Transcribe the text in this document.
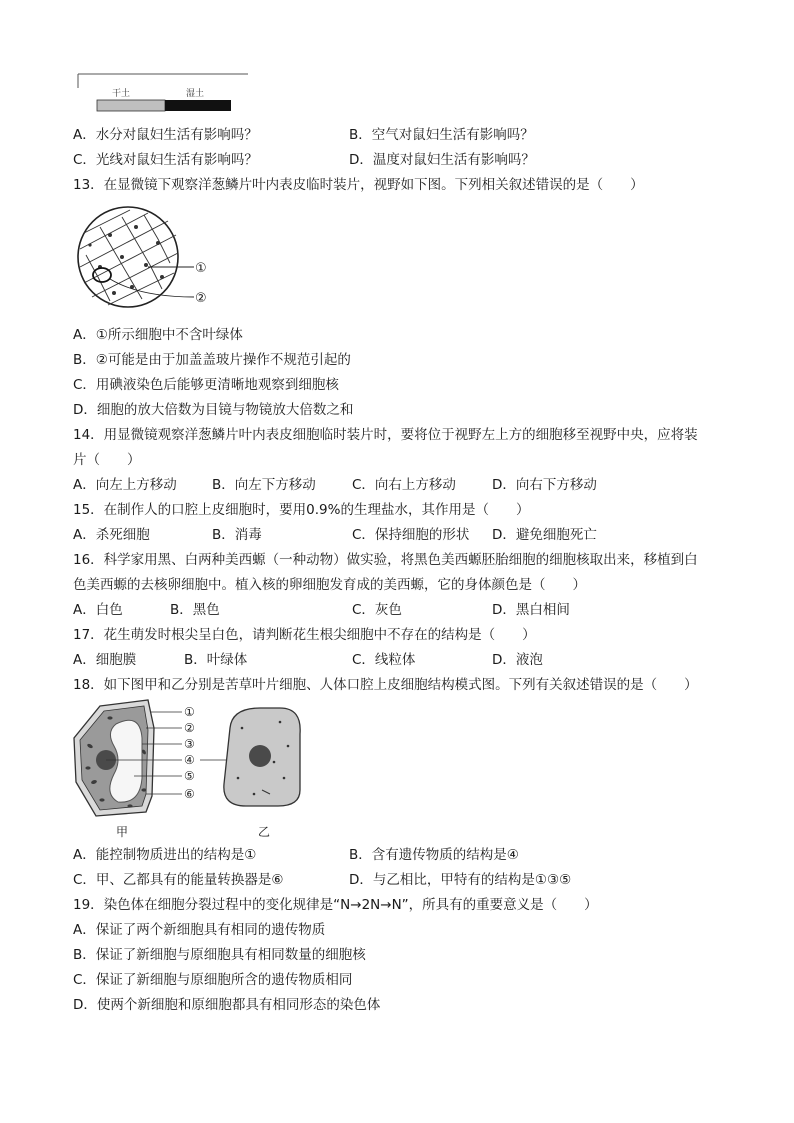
干土	湿土
A．水分对鼠妇生活有影响吗？	B．空气对鼠妇生活有影响吗？
C．光线对鼠妇生活有影响吗？	D．温度对鼠妇生活有影响吗？
13．在显微镜下观察洋葱鳞片叶内表皮临时装片，视野如下图。下列相关叙述错误的是（　　）
①
②
A．①所示细胞中不含叶绿体
B．②可能是由于加盖盖玻片操作不规范引起的
C．用碘液染色后能够更清晰地观察到细胞核
D．细胞的放大倍数为目镜与物镜放大倍数之和
14．用显微镜观察洋葱鳞片叶内表皮细胞临时装片时，要将位于视野左上方的细胞移至视野中央，应将装
片（　　）
A．向左上方移动	B．向左下方移动	C．向右上方移动	D．向右下方移动
15．在制作人的口腔上皮细胞时，要用0.9%的生理盐水，其作用是（　　）
A．杀死细胞	B．消毒	C．保持细胞的形状 D．避免细胞死亡
16．科学家用黑、白两种美西螈（一种动物）做实验，将黑色美西螈胚胎细胞的细胞核取出来，移植到白
色美西螈的去核卵细胞中。植入核的卵细胞发育成的美西螈，它的身体颜色是（　　）
A．白色	B．黑色	C．灰色	D．黑白相间
17．花生萌发时根尖呈白色，请判断花生根尖细胞中不存在的结构是（　　）
A．细胞膜	B．叶绿体	C．线粒体	D．液泡
18．如下图甲和乙分别是苦草叶片细胞、人体口腔上皮细胞结构模式图。下列有关叙述错误的是（　　）
①
②
③
④
⑤
⑥
甲	乙
A．能控制物质进出的结构是①	B．含有遗传物质的结构是④
C．甲、乙都具有的能量转换器是⑥	D．与乙相比，甲特有的结构是①③⑤
19．染色体在细胞分裂过程中的变化规律是“N→2N→N”，所具有的重要意义是（　　）
A．保证了两个新细胞具有相同的遗传物质
B．保证了新细胞与原细胞具有相同数量的细胞核
C．保证了新细胞与原细胞所含的遗传物质相同
D．使两个新细胞和原细胞都具有相同形态的染色体
